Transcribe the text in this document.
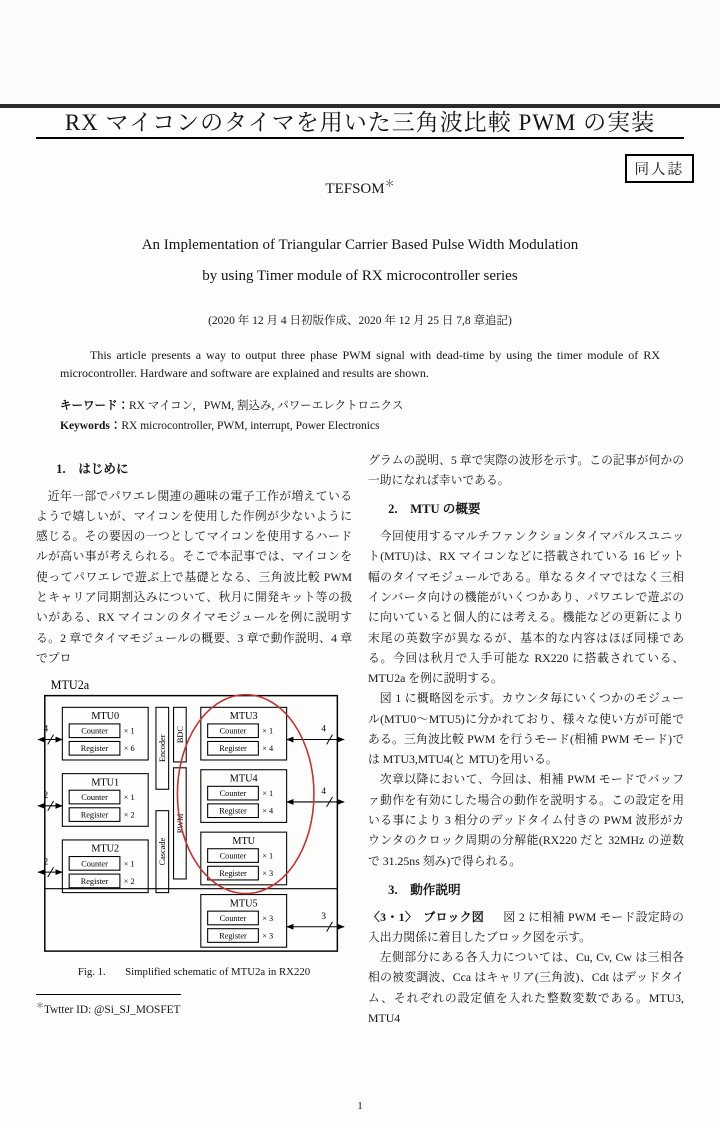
同人誌
RX マイコンのタイマを用いた三角波比較 PWM の実装
TEFSOM＊
An Implementation of Triangular Carrier Based Pulse Width Modulation
by using Timer module of RX microcontroller series
(2020 年 12 月 4 日初版作成、2020 年 12 月 25 日 7,8 章追記)

This article presents a way to output three phase PWM signal with dead-time by using the timer module of RX microcontroller. Hardware and software are explained and results are shown.

キーワード：RX マイコン，PWM, 割込み, パワーエレクトロニクス
Keywords：RX microcontroller, PWM, interrupt, Power Electronics
1.　はじめに

近年一部でパワエレ関連の趣味の電子工作が増えているようで嬉しいが、マイコンを使用した作例が少ないように感じる。その要因の一つとしてマイコンを使用するハードルが高い事が考えられる。そこで本記事では、マイコンを使ってパワエレで遊ぶ上で基礎となる、三角波比較 PWM とキャリア同期割込みについて、秋月に開発キット等の扱いがある、RX マイコンのタイマモジュールを例に説明する。2 章でタイマモジュールの概要、3 章で動作説明、4 章でプロ

MTU2a
MTU0
Counter × 1
Register × 6
4
MTU1
Counter × 1
Register × 2
2
MTU2
Counter × 1
Register × 2
2
Encoder
Cascade
BDC
PWM
MTU3
Counter × 1
Register × 4
4
MTU4
Counter × 1
Register × 4
4
MTU
Counter × 1
Register × 3
MTU5
Counter × 3
Register × 3
3
Fig. 1. Simplified schematic of MTU2a in RX220

＊Twtter ID: @Si_SJ_MOSFET

グラムの説明、5 章で実際の波形を示す。この記事が何かの一助になれば幸いである。

2.　MTU の概要

今回使用するマルチファンクションタイマパルスユニット(MTU)は、RX マイコンなどに搭載されている 16 ビット幅のタイマモジュールである。単なるタイマではなく三相インバータ向けの機能がいくつかあり、パワエレで遊ぶのに向いていると個人的には考える。機能などの更新により末尾の英数字が異なるが、基本的な内容はほぼ同様である。今回は秋月で入手可能な RX220 に搭載されている、MTU2a を例に説明する。

図 1 に概略図を示す。カウンタ毎にいくつかのモジュール(MTU0～MTU5)に分かれており、様々な使い方が可能である。三角波比較 PWM を行うモード(相補 PWM モード)では MTU3,MTU4(と MTU)を用いる。

次章以降において、今回は、相補 PWM モードでバッファ動作を有効にした場合の動作を説明する。この設定を用いる事により 3 相分のデッドタイム付きの PWM 波形がカウンタのクロック周期の分解能(RX220 だと 32MHz の逆数で 31.25ns 刻み)で得られる。

3.　動作説明

〈3・1〉　ブロック図 図 2 に相補 PWM モード設定時の入出力関係に着目したブロック図を示す。

左側部分にある各入力については、Cu, Cv, Cw は三相各相の被変調波、Cca はキャリア(三角波)、Cdt はデッドタイム、それぞれの設定値を入れた整数変数である。MTU3, MTU4

1
